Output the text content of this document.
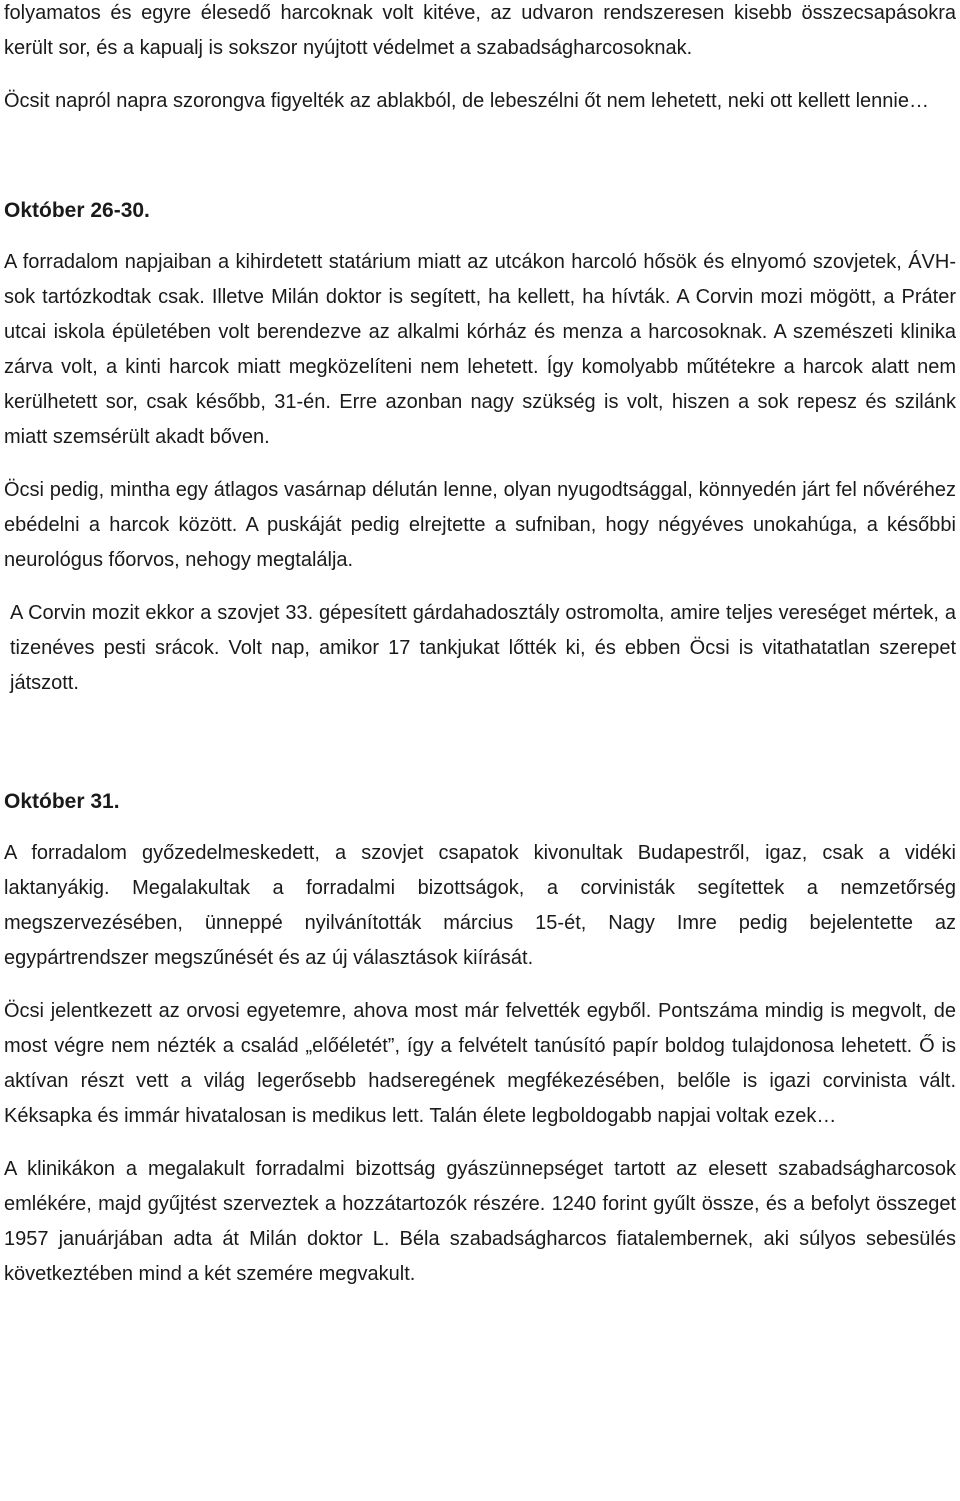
folyamatos és egyre élesedő harcoknak volt kitéve, az udvaron rendszeresen kisebb összecsapásokra került sor, és a kapualj is sokszor nyújtott védelmet a szabadságharcosoknak.

Öcsit napról napra szorongva figyelték az ablakból, de lebeszélni őt nem lehetett, neki ott kellett lennie…

Október 26-30.

A forradalom napjaiban a kihirdetett statárium miatt az utcákon harcoló hősök és elnyomó szovjetek, ÁVH-sok tartózkodtak csak. Illetve Milán doktor is segített, ha kellett, ha hívták. A Corvin mozi mögött, a Práter utcai iskola épületében volt berendezve az alkalmi kórház és menza a harcosoknak. A szemészeti klinika zárva volt, a kinti harcok miatt megközelíteni nem lehetett. Így komolyabb műtétekre a harcok alatt nem kerülhetett sor, csak később, 31-én. Erre azonban nagy szükség is volt, hiszen a sok repesz és szilánk miatt szemsérült akadt bőven.

Öcsi pedig, mintha egy átlagos vasárnap délután lenne, olyan nyugodtsággal, könnyedén járt fel nővéréhez ebédelni a harcok között. A puskáját pedig elrejtette a sufniban, hogy négyéves unokahúga, a későbbi neurológus főorvos, nehogy megtalálja.

A Corvin mozit ekkor a szovjet 33. gépesített gárdahadosztály ostromolta, amire teljes vereséget mértek, a tizenéves pesti srácok. Volt nap, amikor 17 tankjukat lőtték ki, és ebben Öcsi is vitathatatlan szerepet játszott.

Október 31.

A forradalom győzedelmeskedett, a szovjet csapatok kivonultak Budapestről, igaz, csak a vidéki laktanyákig. Megalakultak a forradalmi bizottságok, a corvinisták segítettek a nemzetőrség megszervezésében, ünneppé nyilvánították március 15-ét, Nagy Imre pedig bejelentette az egypártrendszer megszűnését és az új választások kiírását.

Öcsi jelentkezett az orvosi egyetemre, ahova most már felvették egyből. Pontszáma mindig is megvolt, de most végre nem nézték a család „előéletét”, így a felvételt tanúsító papír boldog tulajdonosa lehetett. Ő is aktívan részt vett a világ legerősebb hadseregének megfékezésében, belőle is igazi corvinista vált. Kéksapka és immár hivatalosan is medikus lett. Talán élete legboldogabb napjai voltak ezek…

A klinikákon a megalakult forradalmi bizottság gyászünnepséget tartott az elesett szabadságharcosok emlékére, majd gyűjtést szerveztek a hozzátartozók részére. 1240 forint gyűlt össze, és a befolyt összeget 1957 januárjában adta át Milán doktor L. Béla szabadságharcos fiatalembernek, aki súlyos sebesülés következtében mind a két szemére megvakult.
